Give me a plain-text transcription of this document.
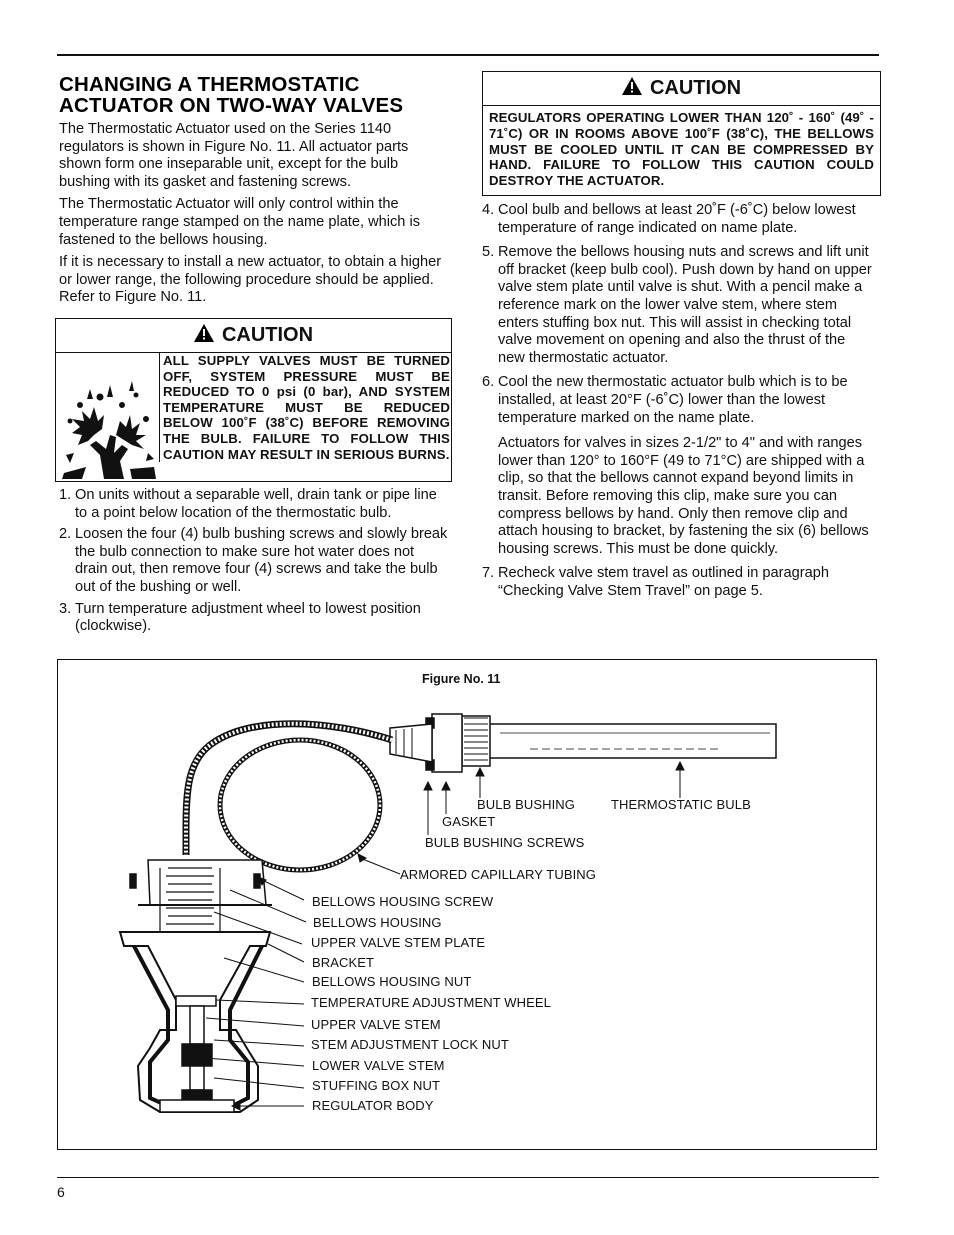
CHANGING A THERMOSTATIC
ACTUATOR ON TWO-WAY VALVES

The Thermostatic Actuator used on the Series 1140 regulators is shown in Figure No. 11. All actuator parts shown form one inseparable unit, except for the bulb bushing with its gasket and fastening screws.

The Thermostatic Actuator will only control within the temperature range stamped on the name plate, which is fastened to the bellows housing.

If it is necessary to install a new actuator, to obtain a higher or lower range, the following procedure should be applied. Refer to Figure No. 11.

CAUTION
ALL SUPPLY VALVES MUST BE TURNED OFF, SYSTEM PRESSURE MUST BE REDUCED TO 0 psi (0 bar), AND SYSTEM TEMPERATURE MUST BE REDUCED BELOW 100˚F (38˚C) BEFORE REMOVING THE BULB. FAILURE TO FOLLOW THIS CAUTION MAY RESULT IN SERIOUS BURNS.
1. On units without a separable well, drain tank or pipe line to a point below location of the thermostatic bulb.
2. Loosen the four (4) bulb bushing screws and slowly break the bulb connection to make sure hot water does not drain out, then remove four (4) screws and take the bulb out of the bushing or well.
3. Turn temperature adjustment wheel to lowest position (clockwise).
CAUTION
REGULATORS OPERATING LOWER THAN 120˚ - 160˚ (49˚ - 71˚C) OR IN ROOMS ABOVE 100˚F (38˚C), THE BELLOWS MUST BE COOLED UNTIL IT CAN BE COMPRESSED BY HAND. FAILURE TO FOLLOW THIS CAUTION COULD DESTROY THE ACTUATOR.
4. Cool bulb and bellows at least 20˚F (-6˚C) below lowest temperature of range indicated on name plate.
5. Remove the bellows housing nuts and screws and lift unit off bracket (keep bulb cool). Push down by hand on upper valve stem plate until valve is shut. With a pencil make a reference mark on the lower valve stem, where stem enters stuffing box nut. This will assist in checking total valve movement on opening and also the thrust of the new thermostatic actuator.
6. Cool the new thermostatic actuator bulb which is to be installed, at least 20°F (-6˚C) lower than the lowest temperature marked on the name plate.
Actuators for valves in sizes 2-1/2" to 4" and with ranges lower than 120° to 160°F (49 to 71°C) are shipped with a clip, so that the bellows cannot expand beyond limits in transit. Before removing this clip, make sure you can compress bellows by hand. Only then remove clip and attach housing to bracket, by fastening the six (6) bellows housing screws. This must be done quickly.
7. Recheck valve stem travel as outlined in paragraph “Checking Valve Stem Travel” on page 5.
Figure No. 11
BULB BUSHING	THERMOSTATIC BULB
GASKET
BULB BUSHING SCREWS
ARMORED CAPILLARY TUBING
BELLOWS HOUSING SCREW
BELLOWS HOUSING
UPPER VALVE STEM PLATE
BRACKET
BELLOWS HOUSING NUT
TEMPERATURE ADJUSTMENT WHEEL
UPPER VALVE STEM
STEM ADJUSTMENT LOCK NUT
LOWER VALVE STEM
STUFFING BOX NUT
REGULATOR BODY
6
